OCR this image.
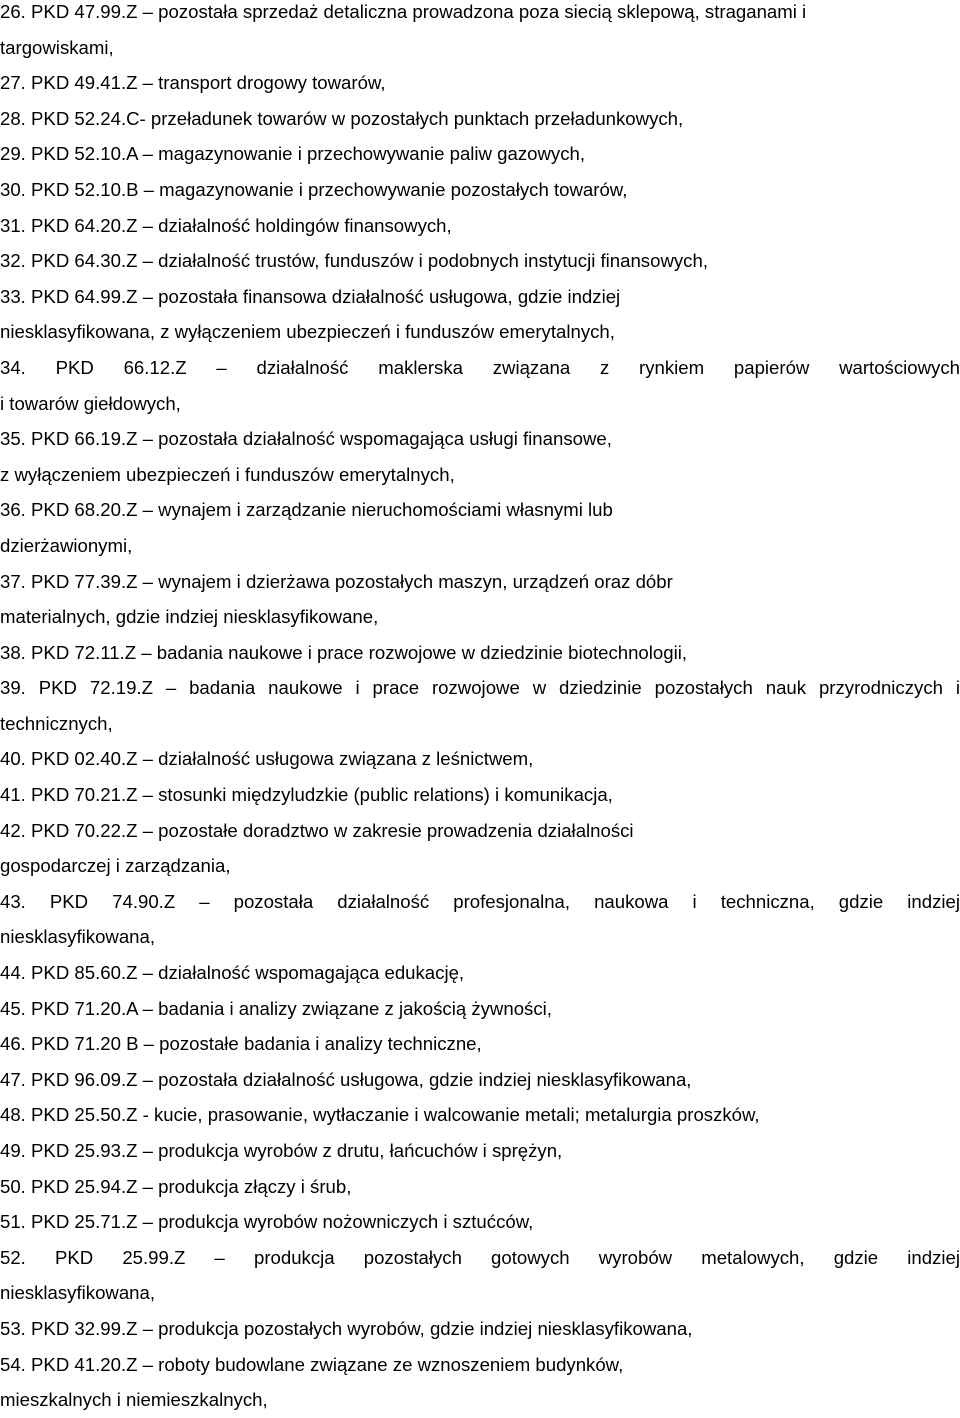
26. PKD 47.99.Z – pozostała sprzedaż detaliczna prowadzona poza siecią sklepową, straganami i
targowiskami,
27. PKD 49.41.Z – transport drogowy towarów,
28. PKD 52.24.C- przeładunek towarów w pozostałych punktach przeładunkowych,
29. PKD 52.10.A – magazynowanie i przechowywanie paliw gazowych,
30. PKD 52.10.B – magazynowanie i przechowywanie pozostałych towarów,
31. PKD 64.20.Z – działalność holdingów finansowych,
32. PKD 64.30.Z – działalność trustów, funduszów i podobnych instytucji finansowych,
33. PKD 64.99.Z – pozostała finansowa działalność usługowa, gdzie indziej
niesklasyfikowana, z wyłączeniem ubezpieczeń i funduszów emerytalnych,
34. PKD 66.12.Z – działalność maklerska związana z rynkiem papierów wartościowych
i towarów giełdowych,
35. PKD 66.19.Z – pozostała działalność wspomagająca usługi finansowe,
z wyłączeniem ubezpieczeń i funduszów emerytalnych,
36. PKD 68.20.Z – wynajem i zarządzanie nieruchomościami własnymi lub
dzierżawionymi,
37. PKD 77.39.Z – wynajem i dzierżawa pozostałych maszyn, urządzeń oraz dóbr
materialnych, gdzie indziej niesklasyfikowane,
38. PKD 72.11.Z – badania naukowe i prace rozwojowe w dziedzinie biotechnologii,
39. PKD 72.19.Z – badania naukowe i prace rozwojowe w dziedzinie pozostałych nauk przyrodniczych i
technicznych,
40. PKD 02.40.Z – działalność usługowa związana z leśnictwem,
41. PKD 70.21.Z – stosunki międzyludzkie (public relations) i komunikacja,
42. PKD 70.22.Z – pozostałe doradztwo w zakresie prowadzenia działalności
gospodarczej i zarządzania,
43. PKD 74.90.Z – pozostała działalność profesjonalna, naukowa i techniczna, gdzie indziej
niesklasyfikowana,
44. PKD 85.60.Z – działalność wspomagająca edukację,
45. PKD 71.20.A – badania i analizy związane z jakością żywności,
46. PKD 71.20 B – pozostałe badania i analizy techniczne,
47. PKD 96.09.Z – pozostała działalność usługowa, gdzie indziej niesklasyfikowana,
48. PKD 25.50.Z - kucie, prasowanie, wytłaczanie i walcowanie metali; metalurgia proszków,
49. PKD 25.93.Z – produkcja wyrobów z drutu, łańcuchów i sprężyn,
50. PKD 25.94.Z – produkcja złączy i śrub,
51. PKD 25.71.Z – produkcja wyrobów nożowniczych i sztućców,
52. PKD 25.99.Z – produkcja pozostałych gotowych wyrobów metalowych, gdzie indziej
niesklasyfikowana,
53. PKD 32.99.Z – produkcja pozostałych wyrobów, gdzie indziej niesklasyfikowana,
54. PKD 41.20.Z – roboty budowlane związane ze wznoszeniem budynków,
mieszkalnych i niemieszkalnych,
